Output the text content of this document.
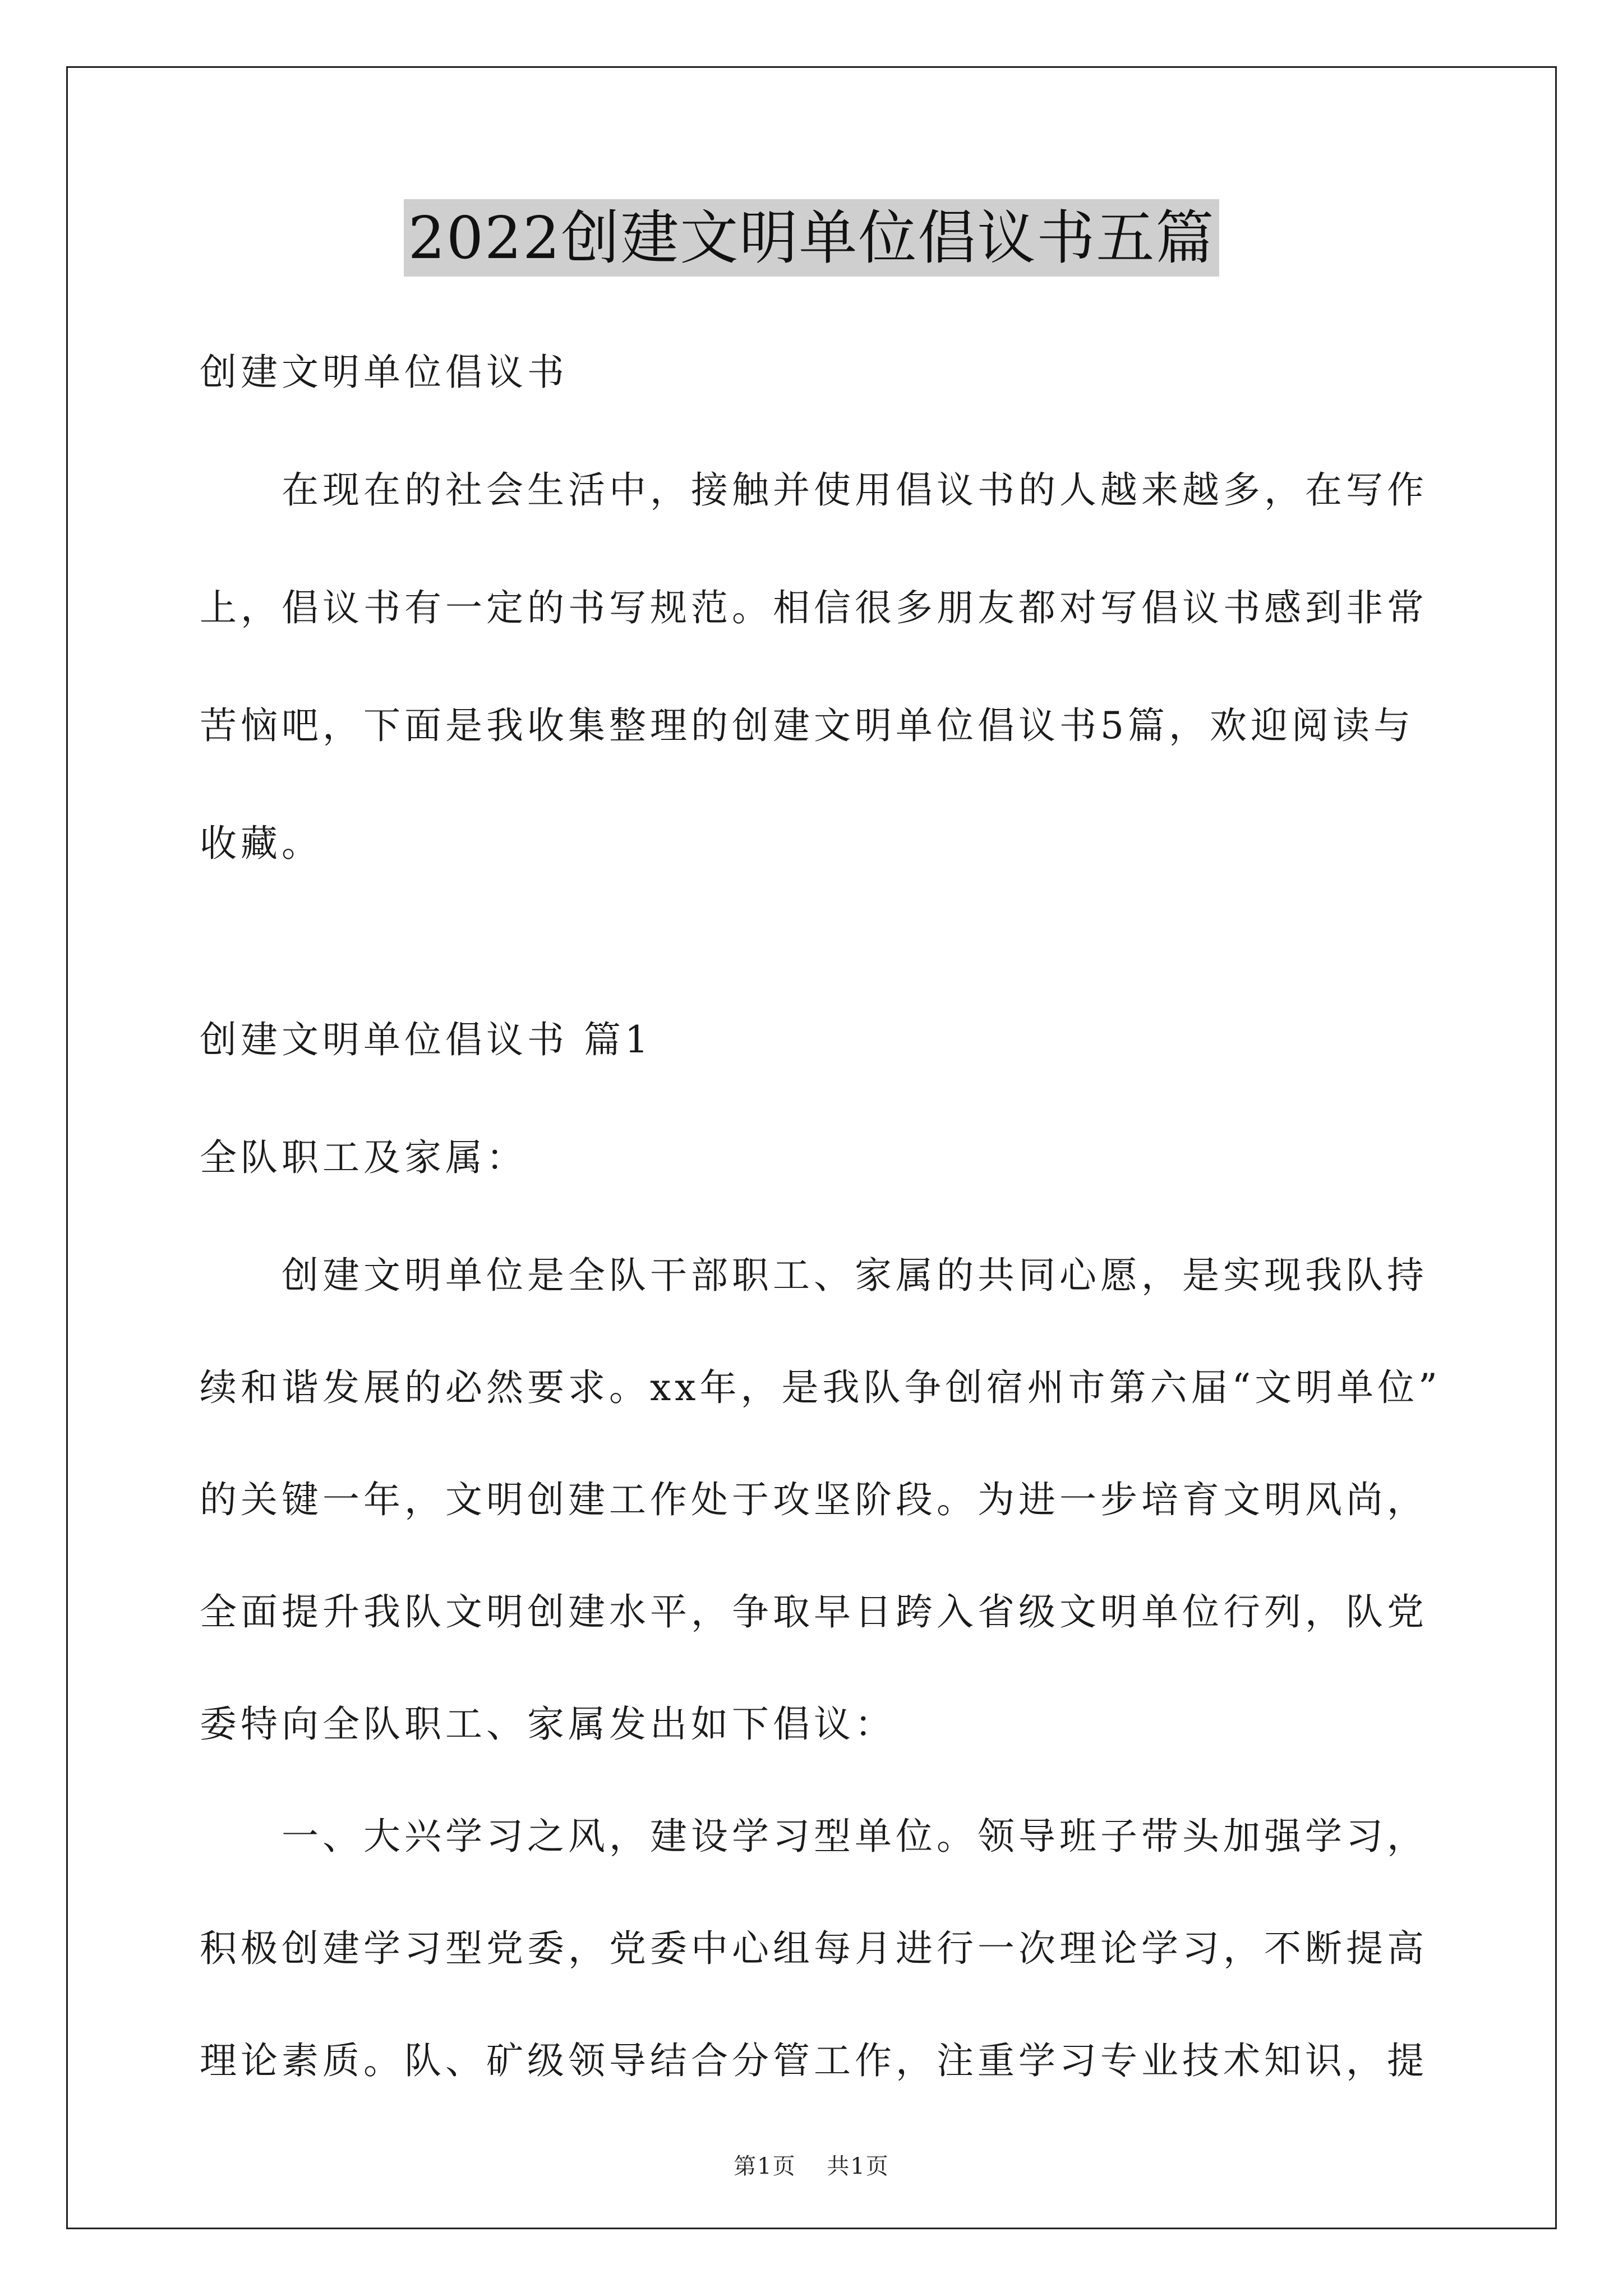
2022创建文明单位倡议书五篇
创建文明单位倡议书
在现在的社会生活中，接触并使用倡议书的人越来越多，在写作
上，倡议书有一定的书写规范。相信很多朋友都对写倡议书感到非常
苦恼吧，下面是我收集整理的创建文明单位倡议书5篇，欢迎阅读与
收藏。
创建文明单位倡议书 篇1
全队职工及家属：
创建文明单位是全队干部职工、家属的共同心愿，是实现我队持
续和谐发展的必然要求。xx年，是我队争创宿州市第六届“文明单位”
的关键一年，文明创建工作处于攻坚阶段。为进一步培育文明风尚，
全面提升我队文明创建水平，争取早日跨入省级文明单位行列，队党
委特向全队职工、家属发出如下倡议：
一、大兴学习之风，建设学习型单位。领导班子带头加强学习，
积极创建学习型党委，党委中心组每月进行一次理论学习，不断提高
理论素质。队、矿级领导结合分管工作，注重学习专业技术知识，提
第1页 共1页
